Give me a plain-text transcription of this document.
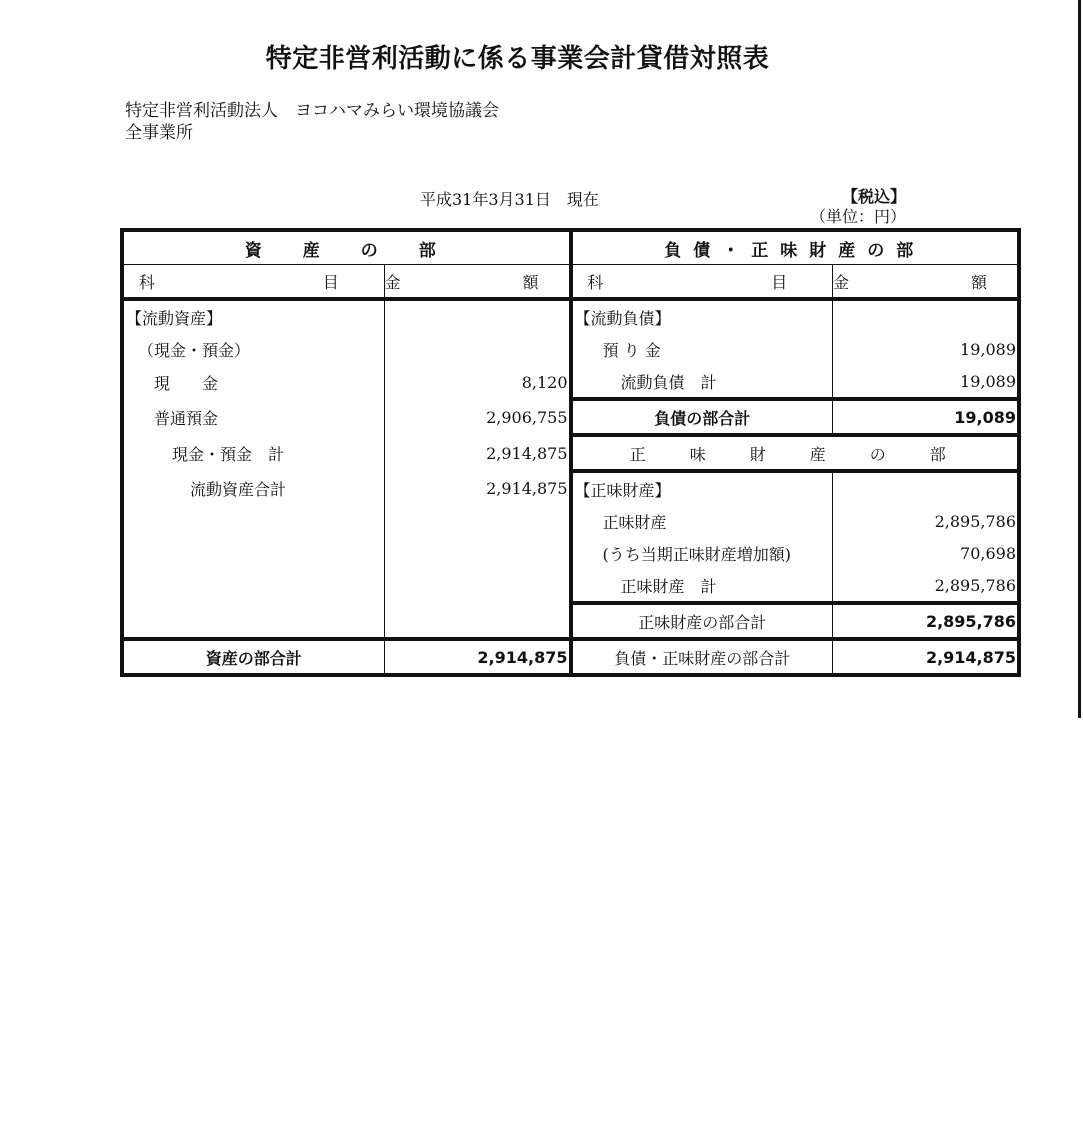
特定非営利活動に係る事業会計貸借対照表
特定非営利活動法人　ヨコハマみらい環境協議会
全事業所
平成31年3月31日　現在	【税込】
（単位：円）
資　産　の　部		負債・正味財産の部	
科　　　目	金　　額	科　　　目	金　　額
【流動資産】		【流動負債】	
（現金・預金）		預 り 金	19,089
現　　金	8,120	流動負債　計	19,089
普通預金	2,906,755	負債の部合計	19,089
現金・預金　計	2,914,875	正　味　財　産　の　部	
流動資産合計	2,914,875	【正味財産】	
		正味財産	2,895,786
		(うち当期正味財産増加額)	70,698
		正味財産　計	2,895,786
		正味財産の部合計	2,895,786
資産の部合計	2,914,875	負債・正味財産の部合計	2,914,875
